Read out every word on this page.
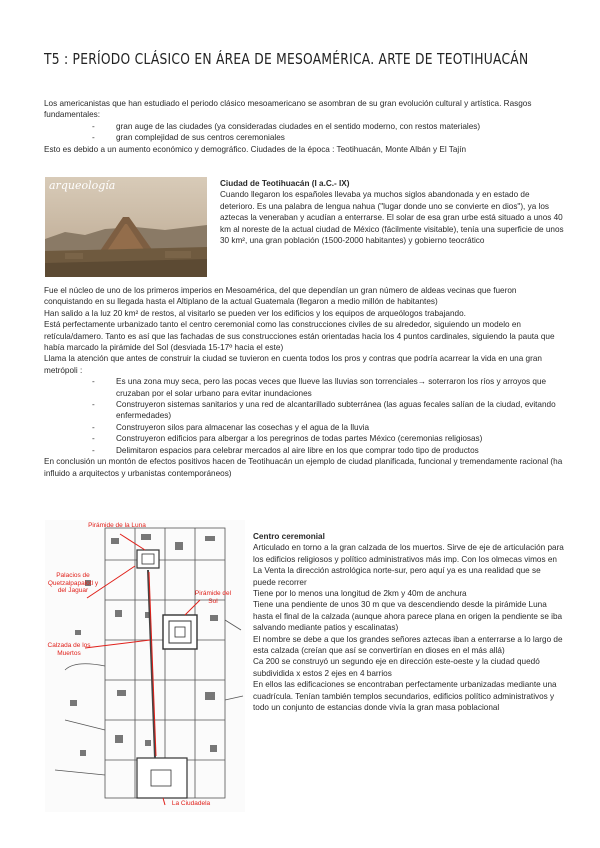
T5 : PERÍODO CLÁSICO EN ÁREA DE MESOAMÉRICA. ARTE DE TEOTIHUACÁN
Los americanistas que han estudiado el periodo clásico mesoamericano se asombran de su gran evolución cultural y artística. Rasgos fundamentales:
-	gran auge de las ciudades (ya consideradas ciudades en el sentido moderno, con restos materiales)
-	gran complejidad de sus centros ceremoniales
Esto es debido a un aumento económico y demográfico. Ciudades de la época : Teotihuacán, Monte Albán y El Tajín
arqueología	Ciudad de Teotihuacán (I a.C.- IX)
Cuando llegaron los españoles llevaba ya muchos siglos abandonada y en estado de deterioro. Es una palabra de lengua nahua ("lugar donde uno se convierte en dios"), ya los aztecas la veneraban y acudían a enterrarse. El solar de esa gran urbe está situado a unos 40 km al noreste de la actual ciudad de México (fácilmente visitable), tenía una superficie de unos 30 km², una gran población (1500-2000 habitantes) y gobierno teocrático
Fue el núcleo de uno de los primeros imperios en Mesoamérica, del que dependían un gran número de aldeas vecinas que fueron conquistando en su llegada hasta el Altiplano de la actual Guatemala (llegaron a medio millón de habitantes)
Han salido a la luz 20 km² de restos, al visitarlo se pueden ver los edificios y los equipos de arqueólogos trabajando.
Está perfectamente urbanizado tanto el centro ceremonial como las construcciones civiles de su alrededor, siguiendo un modelo en retícula/damero. Tanto es así que las fachadas de sus construcciones están orientadas hacia los 4 puntos cardinales, siguiendo la pauta que había marcado la pirámide del Sol (desviada 15-17º hacia el este)
Llama la atención que antes de construir la ciudad se tuvieron en cuenta todos los pros y contras que podría acarrear la vida en una gran metrópoli :
-	Es una zona muy seca, pero las pocas veces que llueve las lluvias son torrenciales→ soterraron los ríos y arroyos que cruzaban por el solar urbano para evitar inundaciones
-	Construyeron sistemas sanitarios y una red de alcantarillado subterránea (las aguas fecales salían de la ciudad, evitando enfermedades)
-	Construyeron silos para almacenar las cosechas y el agua de la lluvia
-	Construyeron edificios para albergar a los peregrinos de todas partes México (ceremonias religiosas)
-	Delimitaron espacios para celebrar mercados al aire libre en los que comprar todo tipo de productos
En conclusión un montón de efectos positivos hacen de Teotihuacán un ejemplo de ciudad planificada, funcional y tremendamente racional (ha influido a arquitectos y urbanistas contemporáneos)
Pirámide de la Luna
Palacios de Quetzalpapalotl y del Jaguar	Pirámide del Sol
Calzada de los Muertos
La Ciudadela
Centro ceremonial
Articulado en torno a la gran calzada de los muertos. Sirve de eje de articulación para los edificios religiosos y político administrativos más imp. Con los olmecas vimos en La Venta la dirección astrológica norte-sur, pero aquí ya es una realidad que se puede recorrer
Tiene por lo menos una longitud de 2km y 40m de anchura
Tiene una pendiente de unos 30 m que va descendiendo desde la pirámide Luna hasta el final de la calzada (aunque ahora parece plana en origen la pendiente se iba salvando mediante patios y escalinatas)
El nombre se debe a que los grandes señores aztecas iban a enterrarse a lo largo de esta calzada (creían que así se convertirían en dioses en el más allá)
Ca 200 se construyó un segundo eje en dirección este-oeste y la ciudad quedó subdividida x estos 2 ejes en 4 barrios
En ellos las edificaciones se encontraban perfectamente urbanizadas mediante una cuadrícula. Tenían también templos secundarios, edificios político administrativos y todo un conjunto de estancias donde vivía la gran masa poblacional
